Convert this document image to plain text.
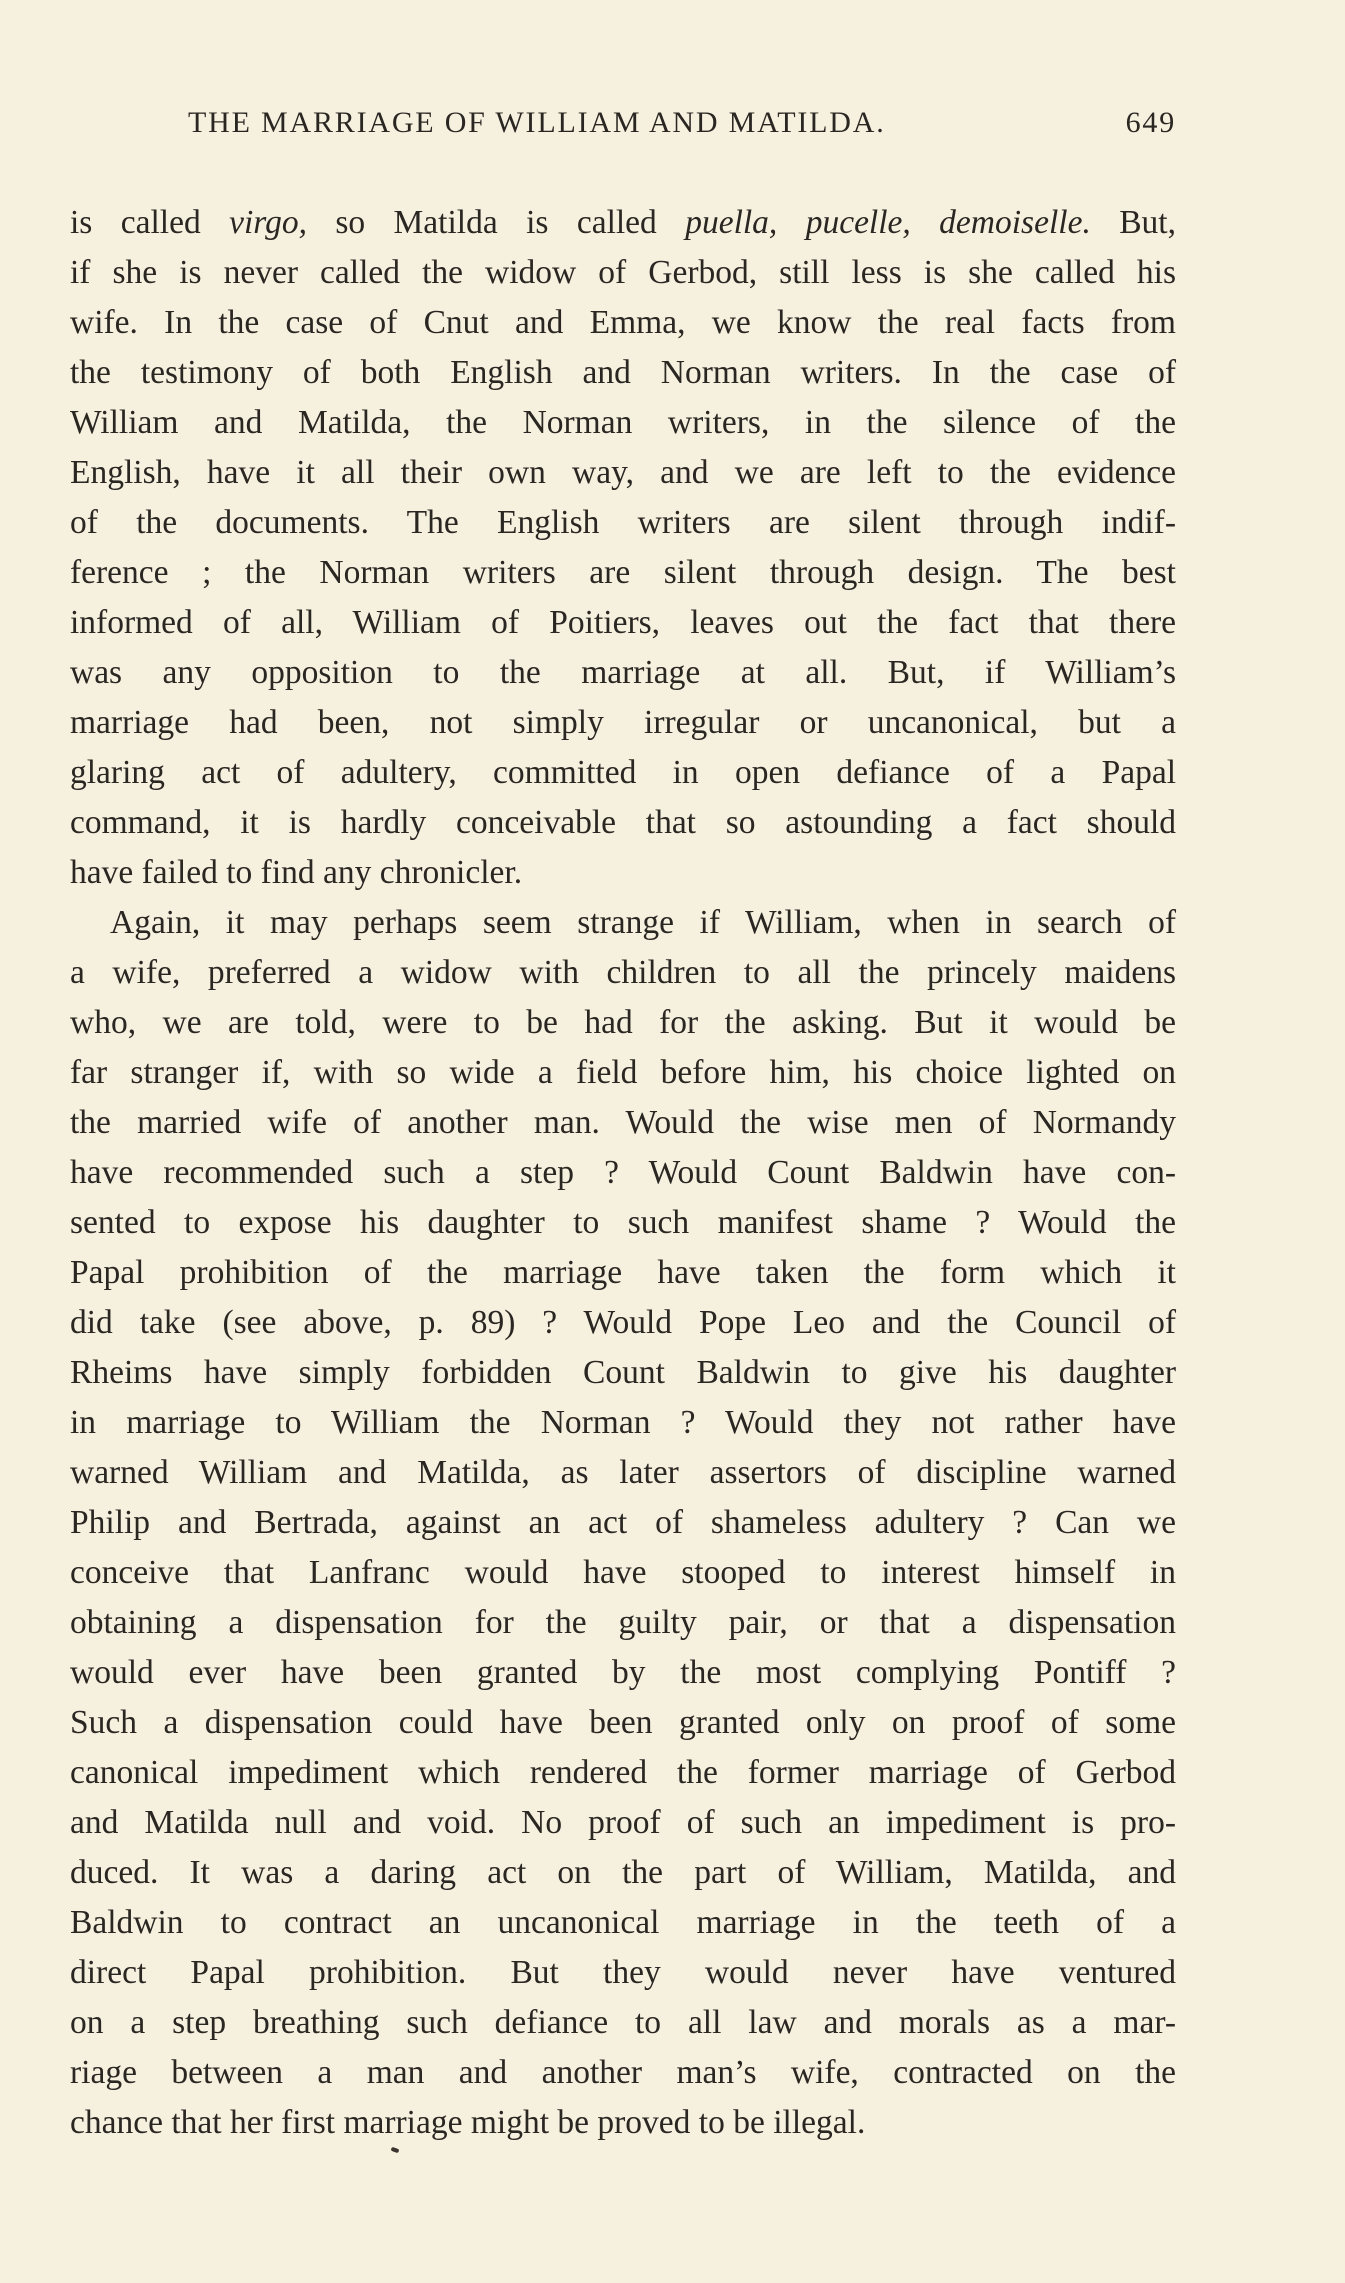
THE MARRIAGE OF WILLIAM AND MATILDA.	649
is called virgo, so Matilda is called puella, pucelle, demoiselle. But,
if she is never called the widow of Gerbod, still less is she called his
wife. In the case of Cnut and Emma, we know the real facts from
the testimony of both English and Norman writers. In the case of
William and Matilda, the Norman writers, in the silence of the
English, have it all their own way, and we are left to the evidence
of the documents. The English writers are silent through indif-
ference ; the Norman writers are silent through design. The best
informed of all, William of Poitiers, leaves out the fact that there
was any opposition to the marriage at all. But, if William’s
marriage had been, not simply irregular or uncanonical, but a
glaring act of adultery, committed in open defiance of a Papal
command, it is hardly conceivable that so astounding a fact should
have failed to find any chronicler.
Again, it may perhaps seem strange if William, when in search of
a wife, preferred a widow with children to all the princely maidens
who, we are told, were to be had for the asking. But it would be
far stranger if, with so wide a field before him, his choice lighted on
the married wife of another man. Would the wise men of Normandy
have recommended such a step ? Would Count Baldwin have con-
sented to expose his daughter to such manifest shame ? Would the
Papal prohibition of the marriage have taken the form which it
did take (see above, p. 89) ? Would Pope Leo and the Council of
Rheims have simply forbidden Count Baldwin to give his daughter
in marriage to William the Norman ? Would they not rather have
warned William and Matilda, as later assertors of discipline warned
Philip and Bertrada, against an act of shameless adultery ? Can we
conceive that Lanfranc would have stooped to interest himself in
obtaining a dispensation for the guilty pair, or that a dispensation
would ever have been granted by the most complying Pontiff ?
Such a dispensation could have been granted only on proof of some
canonical impediment which rendered the former marriage of Gerbod
and Matilda null and void. No proof of such an impediment is pro-
duced. It was a daring act on the part of William, Matilda, and
Baldwin to contract an uncanonical marriage in the teeth of a
direct Papal prohibition. But they would never have ventured
on a step breathing such defiance to all law and morals as a mar-
riage between a man and another man’s wife, contracted on the
chance that her first marriage might be proved to be illegal.
